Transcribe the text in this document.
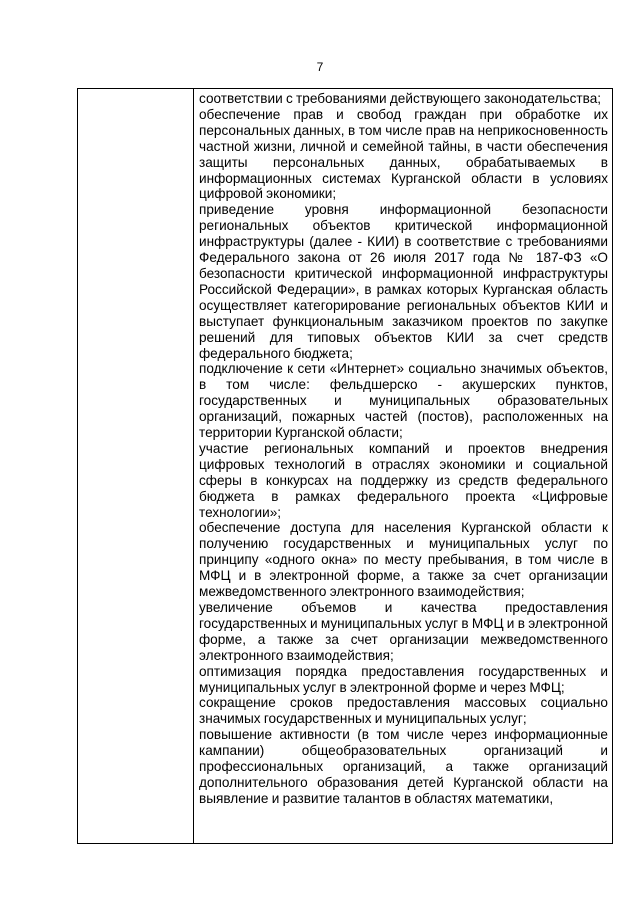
7

соответствии с требованиями действующего законодательства;

обеспечение прав и свобод граждан при обработке их персональных данных, в том числе прав на неприкосновенность частной жизни, личной и семейной тайны, в части обеспечения защиты персональных данных, обрабатываемых в информационных системах Курганской области в условиях цифровой экономики;

приведение уровня информационной безопасности региональных объектов критической информационной инфраструктуры (далее - КИИ) в соответствие с требованиями Федерального закона от 26 июля 2017 года № 187-ФЗ «О безопасности критической информационной инфраструктуры Российской Федерации», в рамках которых Курганская область осуществляет категорирование региональных объектов КИИ и выступает функциональным заказчиком проектов по закупке решений для типовых объектов КИИ за счет средств федерального бюджета;

подключение к сети «Интернет» социально значимых объектов, в том числе: фельдшерско - акушерских пунктов, государственных и муниципальных образовательных организаций, пожарных частей (постов), расположенных на территории Курганской области;

участие региональных компаний и проектов внедрения цифровых технологий в отраслях экономики и социальной сферы в конкурсах на поддержку из средств федерального бюджета в рамках федерального проекта «Цифровые технологии»;

обеспечение доступа для населения Курганской области к получению государственных и муниципальных услуг по принципу «одного окна» по месту пребывания, в том числе в МФЦ и в электронной форме, а также за счет организации межведомственного электронного взаимодействия;

увеличение объемов и качества предоставления государственных и муниципальных услуг в МФЦ и в электронной форме, а также за счет организации межведомственного электронного взаимодействия;

оптимизация порядка предоставления государственных и муниципальных услуг в электронной форме и через МФЦ;

сокращение сроков предоставления массовых социально значимых государственных и муниципальных услуг;

повышение активности (в том числе через информационные кампании) общеобразовательных организаций и профессиональных организаций, а также организаций дополнительного образования детей Курганской области на выявление и развитие талантов в областях математики,
